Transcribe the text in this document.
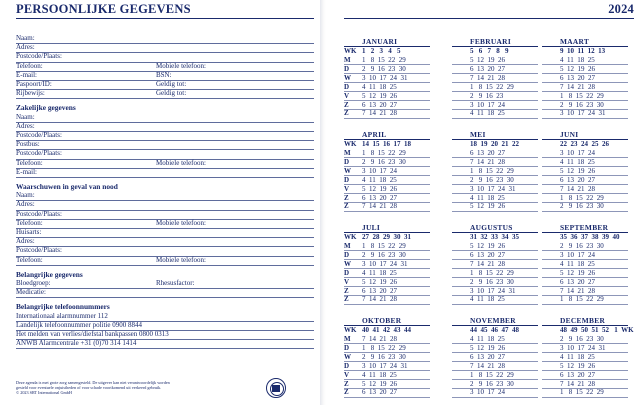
PERSOONLIJKE GEGEVENS
Naam:
Adres:
Postcode/Plaats:
Telefoon:	Mobiele telefoon:
E-mail:	BSN:
Paspoort/ID:	Geldig tot:
Rijbewijs:	Geldig tot:
Zakelijke gegevens
Naam:
Adres:
Postcode/Plaats:
Postbus:
Postcode/Plaats:
Telefoon:	Mobiele telefoon:
E-mail:
Waarschuwen in geval van nood
Naam:
Adres:
Postcode/Plaats:
Telefoon:	Mobiele telefoon:
Huisarts:
Adres:
Postcode/Plaats:
Telefoon:	Mobiele telefoon:
Belangrijke gegevens
Bloedgroep:	Rhesusfactor:
Medicatie:
Belangrijke telefoonnummers
Internationaal alarmnummer 112
Landelijk telefoonnummer politie 0900 8844
Het melden van verlies/diefstal bankpassen 0800 0313
ANWB Alarmcentrale +31 (0)70 314 1414
Deze agenda is met grote zorg samengesteld. De uitgever kan niet verantwoordelijk worden
gesteld voor eventuele onjuistheden of voor schade voortkomend uit verkeerd gebruik.
© 2023 SRT International GmbH
2024
JANUARI
WK 1   2   3   4   5
M 1   8  15  22  29
D 2   9  16  23  30
W 3  10  17  24  31
D 4  11  18  25
V 5  12  19  26
Z 6  13  20  27
Z 7  14  21  28
FEBRUARI
5   6   7   8   9
5  12  19  26
6  13  20  27
7  14  21  28
1   8  15  22  29
2   9  16  23
3  10  17  24
4  11  18  25
MAART
9  10  11  12  13
4  11  18  25
5  12  19  26
6  13  20  27
7  14  21  28
1   8  15  22  29
2   9  16  23  30
3  10  17  24  31
APRIL
WK 14  15  16  17  18
M 1   8  15  22  29
D 2   9  16  23  30
W 3  10  17  24
D 4  11  18  25
V 5  12  19  26
Z 6  13  20  27
Z 7  14  21  28
MEI
18  19  20  21  22
6  13  20  27
7  14  21  28
1   8  15  22  29
2   9  16  23  30
3  10  17  24  31
4  11  18  25
5  12  19  26
JUNI
22  23  24  25  26
3  10  17  24
4  11  18  25
5  12  19  26
6  13  20  27
7  14  21  28
1   8  15  22  29
2   9  16  23  30
JULI
WK 27  28  29  30  31
M 1   8  15  22  29
D 2   9  16  23  30
W 3  10  17  24  31
D 4  11  18  25
V 5  12  19  26
Z 6  13  20  27
Z 7  14  21  28
AUGUSTUS
31  32  33  34  35
5  12  19  26
6  13  20  27
7  14  21  28
1   8  15  22  29
2   9  16  23  30
3  10  17  24  31
4  11  18  25
SEPTEMBER
35  36  37  38  39  40
2   9  16  23  30
3  10  17  24
4  11  18  25
5  12  19  26
6  13  20  27
7  14  21  28
1   8  15  22  29
OKTOBER
WK 40  41  42  43  44
M 7  14  21  28
D 1   8  15  22  29
W 2   9  16  23  30
D 3  10  17  24  31
V 4  11  18  25
Z 5  12  19  26
Z 6  13  20  27
NOVEMBER
44  45  46  47  48
4  11  18  25
5  12  19  26
6  13  20  27
7  14  21  28
1   8  15  22  29
2   9  16  23  30
3  10  17  24
DECEMBER
48  49  50  51  52   1  WK
2   9  16  23  30
3  10  17  24  31
4  11  18  25
5  12  19  26
6  13  20  27
7  14  21  28
1   8  15  22  29
